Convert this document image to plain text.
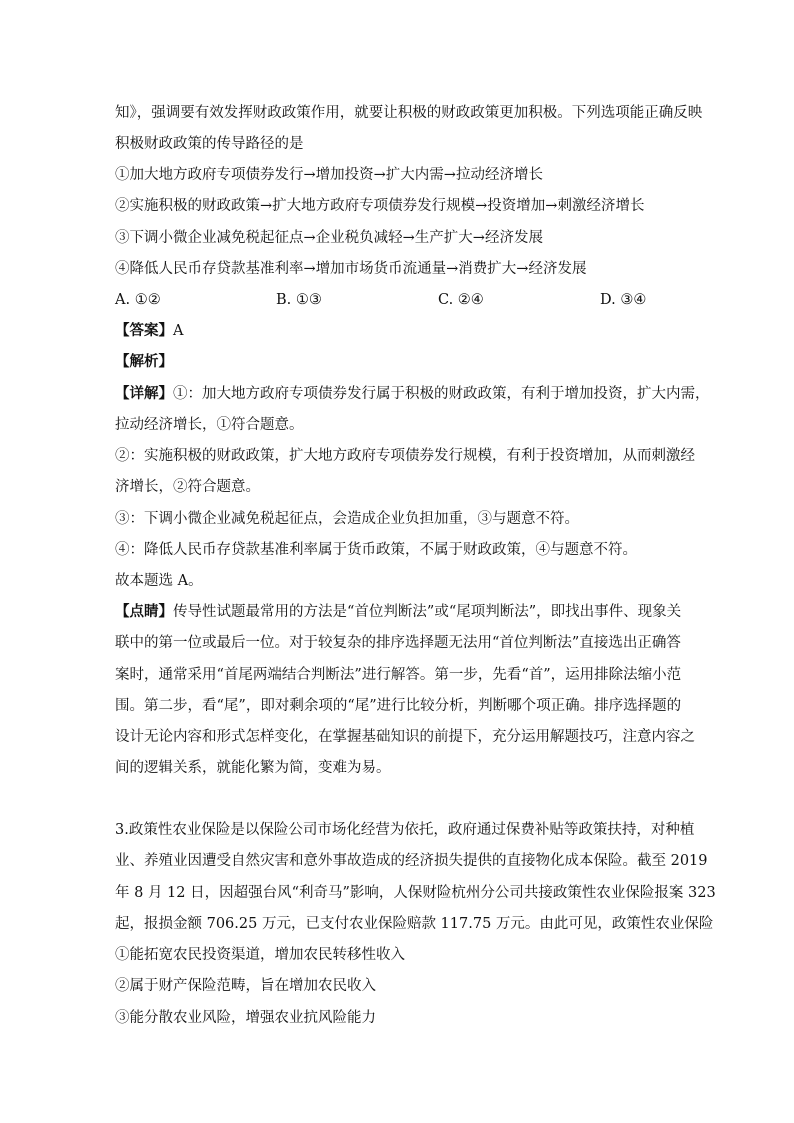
知》，强调要有效发挥财政政策作用，就要让积极的财政政策更加积极。下列选项能正确反映
积极财政政策的传导路径的是
①加大地方政府专项债券发行→增加投资→扩大内需→拉动经济增长
②实施积极的财政政策→扩大地方政府专项债券发行规模→投资增加→刺激经济增长
③下调小微企业减免税起征点→企业税负减轻→生产扩大→经济发展
④降低人民币存贷款基准利率→增加市场货币流通量→消费扩大→经济发展
A. ①②	B. ①③	C. ②④	D. ③④
【答案】A
【解析】
【详解】①：加大地方政府专项债券发行属于积极的财政政策，有利于增加投资，扩大内需，
拉动经济增长，①符合题意。
②：实施积极的财政政策，扩大地方政府专项债券发行规模，有利于投资增加，从而刺激经
济增长，②符合题意。
③：下调小微企业减免税起征点，会造成企业负担加重，③与题意不符。
④：降低人民币存贷款基准利率属于货币政策，不属于财政政策，④与题意不符。
故本题选 A。
【点睛】传导性试题最常用的方法是“首位判断法”或“尾项判断法”，即找出事件、现象关
联中的第一位或最后一位。对于较复杂的排序选择题无法用“首位判断法”直接选出正确答
案时，通常采用“首尾两端结合判断法”进行解答。第一步，先看“首”，运用排除法缩小范
围。第二步，看“尾”，即对剩余项的“尾”进行比较分析，判断哪个项正确。排序选择题的
设计无论内容和形式怎样变化，在掌握基础知识的前提下，充分运用解题技巧，注意内容之
间的逻辑关系，就能化繁为简，变难为易。
3.政策性农业保险是以保险公司市场化经营为依托，政府通过保费补贴等政策扶持，对种植
业、养殖业因遭受自然灾害和意外事故造成的经济损失提供的直接物化成本保险。截至 2019
年 8 月 12 日，因超强台风“利奇马”影响，人保财险杭州分公司共接政策性农业保险报案 323
起，报损金额 706.25 万元，已支付农业保险赔款 117.75 万元。由此可见，政策性农业保险
①能拓宽农民投资渠道，增加农民转移性收入
②属于财产保险范畴，旨在增加农民收入
③能分散农业风险，增强农业抗风险能力
